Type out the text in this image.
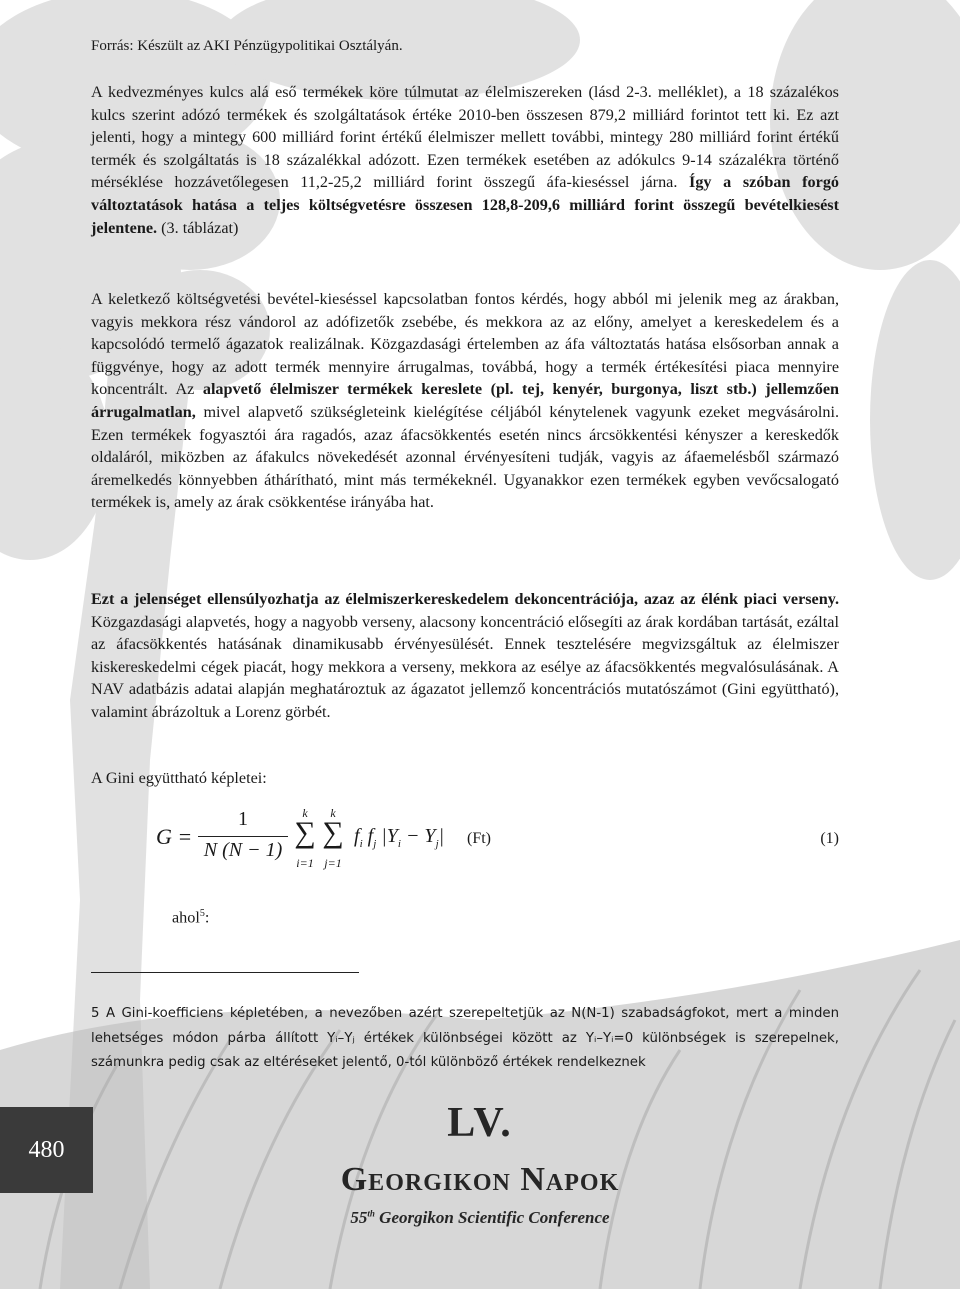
Forrás: Készült az AKI Pénzügypolitikai Osztályán.

A kedvezményes kulcs alá eső termékek köre túlmutat az élelmiszereken (lásd 2-3. melléklet), a 18 százalékos kulcs szerint adózó termékek és szolgáltatások értéke 2010-ben összesen 879,2 milliárd forintot tett ki. Ez azt jelenti, hogy a mintegy 600 milliárd forint értékű élelmiszer mellett további, mintegy 280 milliárd forint értékű termék és szolgáltatás is 18 százalékkal adózott. Ezen termékek esetében az adókulcs 9-14 százalékra történő mérséklése hozzávetőlegesen 11,2-25,2 milliárd forint összegű áfa-kieséssel járna. Így a szóban forgó változtatások hatása a teljes költségvetésre összesen 128,8-209,6 milliárd forint összegű bevételkiesést jelentene. (3. táblázat)

A keletkező költségvetési bevétel-kieséssel kapcsolatban fontos kérdés, hogy abból mi jelenik meg az árakban, vagyis mekkora rész vándorol az adófizetők zsebébe, és mekkora az az előny, amelyet a kereskedelem és a kapcsolódó termelő ágazatok realizálnak. Közgazdasági értelemben az áfa változtatás hatása elsősorban annak a függvénye, hogy az adott termék mennyire árrugalmas, továbbá, hogy a termék értékesítési piaca mennyire koncentrált. Az alapvető élelmiszer termékek kereslete (pl. tej, kenyér, burgonya, liszt stb.) jellemzően árrugalmatlan, mivel alapvető szükségleteink kielégítése céljából kénytelenek vagyunk ezeket megvásárolni. Ezen termékek fogyasztói ára ragadós, azaz áfacsökkentés esetén nincs árcsökkentési kényszer a kereskedők oldaláról, miközben az áfakulcs növekedését azonnal érvényesíteni tudják, vagyis az áfaemelésből származó áremelkedés könnyebben áthárítható, mint más termékeknél. Ugyanakkor ezen termékek egyben vevőcsalogató termékek is, amely az árak csökkentése irányába hat.

Ezt a jelenséget ellensúlyozhatja az élelmiszerkereskedelem dekoncentrációja, azaz az élénk piaci verseny. Közgazdasági alapvetés, hogy a nagyobb verseny, alacsony koncentráció elősegíti az árak kordában tartását, ezáltal az áfacsökkentés hatásának dinamikusabb érvényesülését. Ennek tesztelésére megvizsgáltuk az élelmiszer kiskereskedelmi cégek piacát, hogy mekkora a verseny, mekkora az esélye az áfacsökkentés megvalósulásának. A NAV adatbázis adatai alapján meghatároztuk az ágazatot jellemző koncentrációs mutatószámot (Gini együttható), valamint ábrázoltuk a Lorenz görbét.

A Gini együttható képletei:
G =
1
N (N − 1)
k
∑
i=1
k
∑
j=1
$f_i$ $f_j$ $|Y_i - Y_j|$ (Ft)	(1)
ahol$^5$:
5 A Gini-koefficiens képletében, a nevezőben azért szerepeltetjük az N(N-1) szabadságfokot, mert a minden lehetséges módon párba állított Yᵢ–Yⱼ értékek különbségei között az Yᵢ–Yᵢ=0 különbségek is szerepelnek, számunkra pedig csak az eltéréseket jelentő, 0-tól különböző értékek rendelkeznek
480
LV.
Georgikon Napok
55th Georgikon Scientific Conference
